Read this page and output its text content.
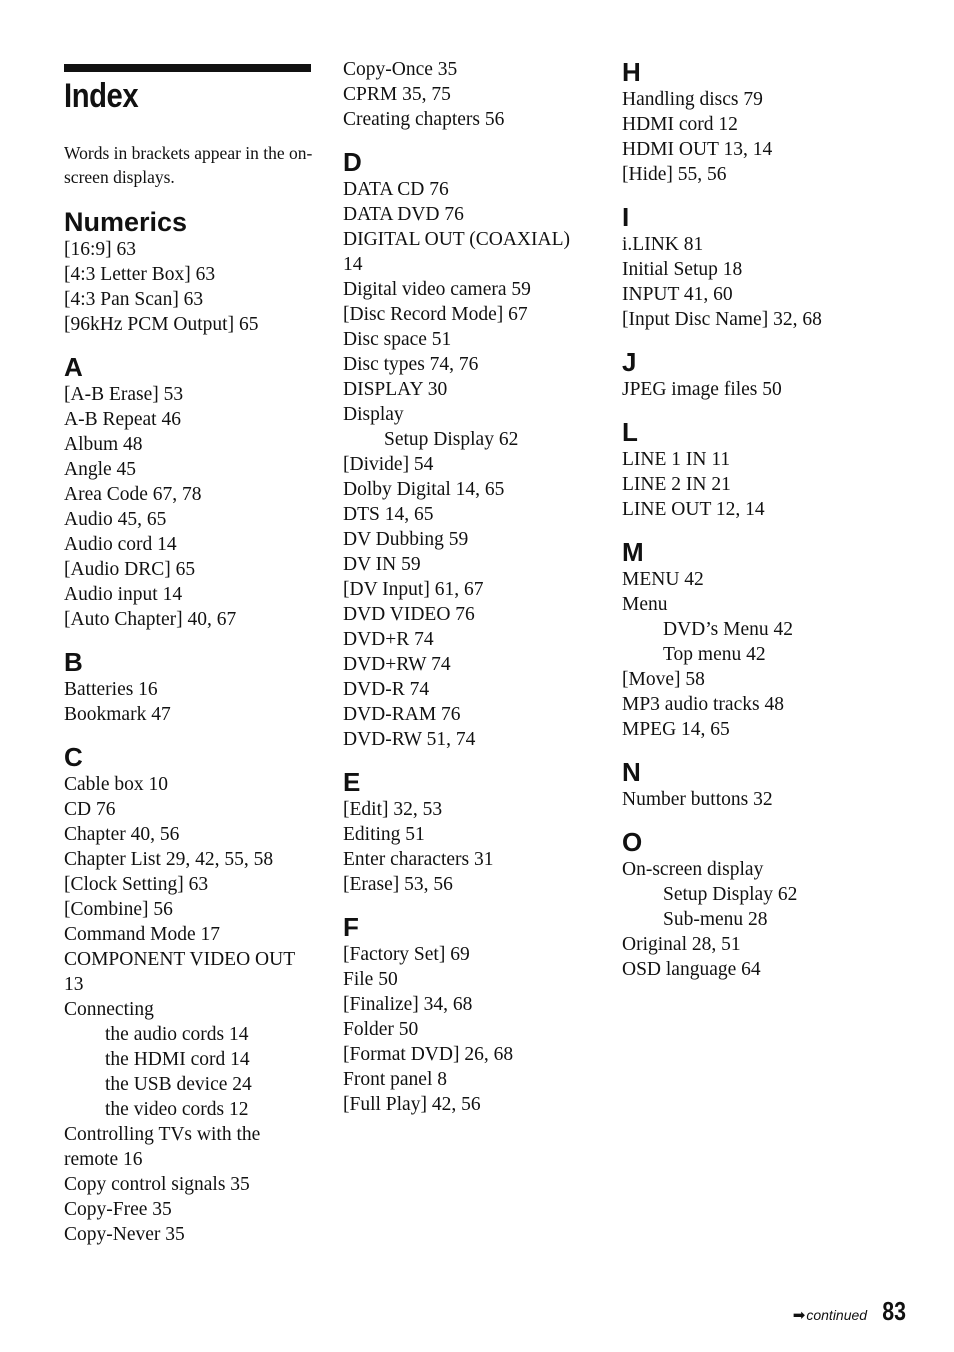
Index
Words in brackets appear in the on-screen displays.
Numerics
[16:9] 63
[4:3 Letter Box] 63
[4:3 Pan Scan] 63
[96kHz PCM Output] 65
A
[A-B Erase] 53
A-B Repeat 46
Album 48
Angle 45
Area Code 67, 78
Audio 45, 65
Audio cord 14
[Audio DRC] 65
Audio input 14
[Auto Chapter] 40, 67
B
Batteries 16
Bookmark 47
C
Cable box 10
CD 76
Chapter 40, 56
Chapter List 29, 42, 55, 58
[Clock Setting] 63
[Combine] 56
Command Mode 17
COMPONENT VIDEO OUT
13
Connecting
the audio cords 14
the HDMI cord 14
the USB device 24
the video cords 12
Controlling TVs with the
remote 16
Copy control signals 35
Copy-Free 35
Copy-Never 35
Copy-Once 35
CPRM 35, 75
Creating chapters 56
D
DATA CD 76
DATA DVD 76
DIGITAL OUT (COAXIAL)
14
Digital video camera 59
[Disc Record Mode] 67
Disc space 51
Disc types 74, 76
DISPLAY 30
Display
Setup Display 62
[Divide] 54
Dolby Digital 14, 65
DTS 14, 65
DV Dubbing 59
DV IN 59
[DV Input] 61, 67
DVD VIDEO 76
DVD+R 74
DVD+RW 74
DVD-R 74
DVD-RAM 76
DVD-RW 51, 74
E
[Edit] 32, 53
Editing 51
Enter characters 31
[Erase] 53, 56
F
[Factory Set] 69
File 50
[Finalize] 34, 68
Folder 50
[Format DVD] 26, 68
Front panel 8
[Full Play] 42, 56
H
Handling discs 79
HDMI cord 12
HDMI OUT 13, 14
[Hide] 55, 56
I
i.LINK 81
Initial Setup 18
INPUT 41, 60
[Input Disc Name] 32, 68
J
JPEG image files 50
L
LINE 1 IN 11
LINE 2 IN 21
LINE OUT 12, 14
M
MENU 42
Menu
DVD’s Menu 42
Top menu 42
[Move] 58
MP3 audio tracks 48
MPEG 14, 65
N
Number buttons 32
O
On-screen display
Setup Display 62
Sub-menu 28
Original 28, 51
OSD language 64
➡continued 83
